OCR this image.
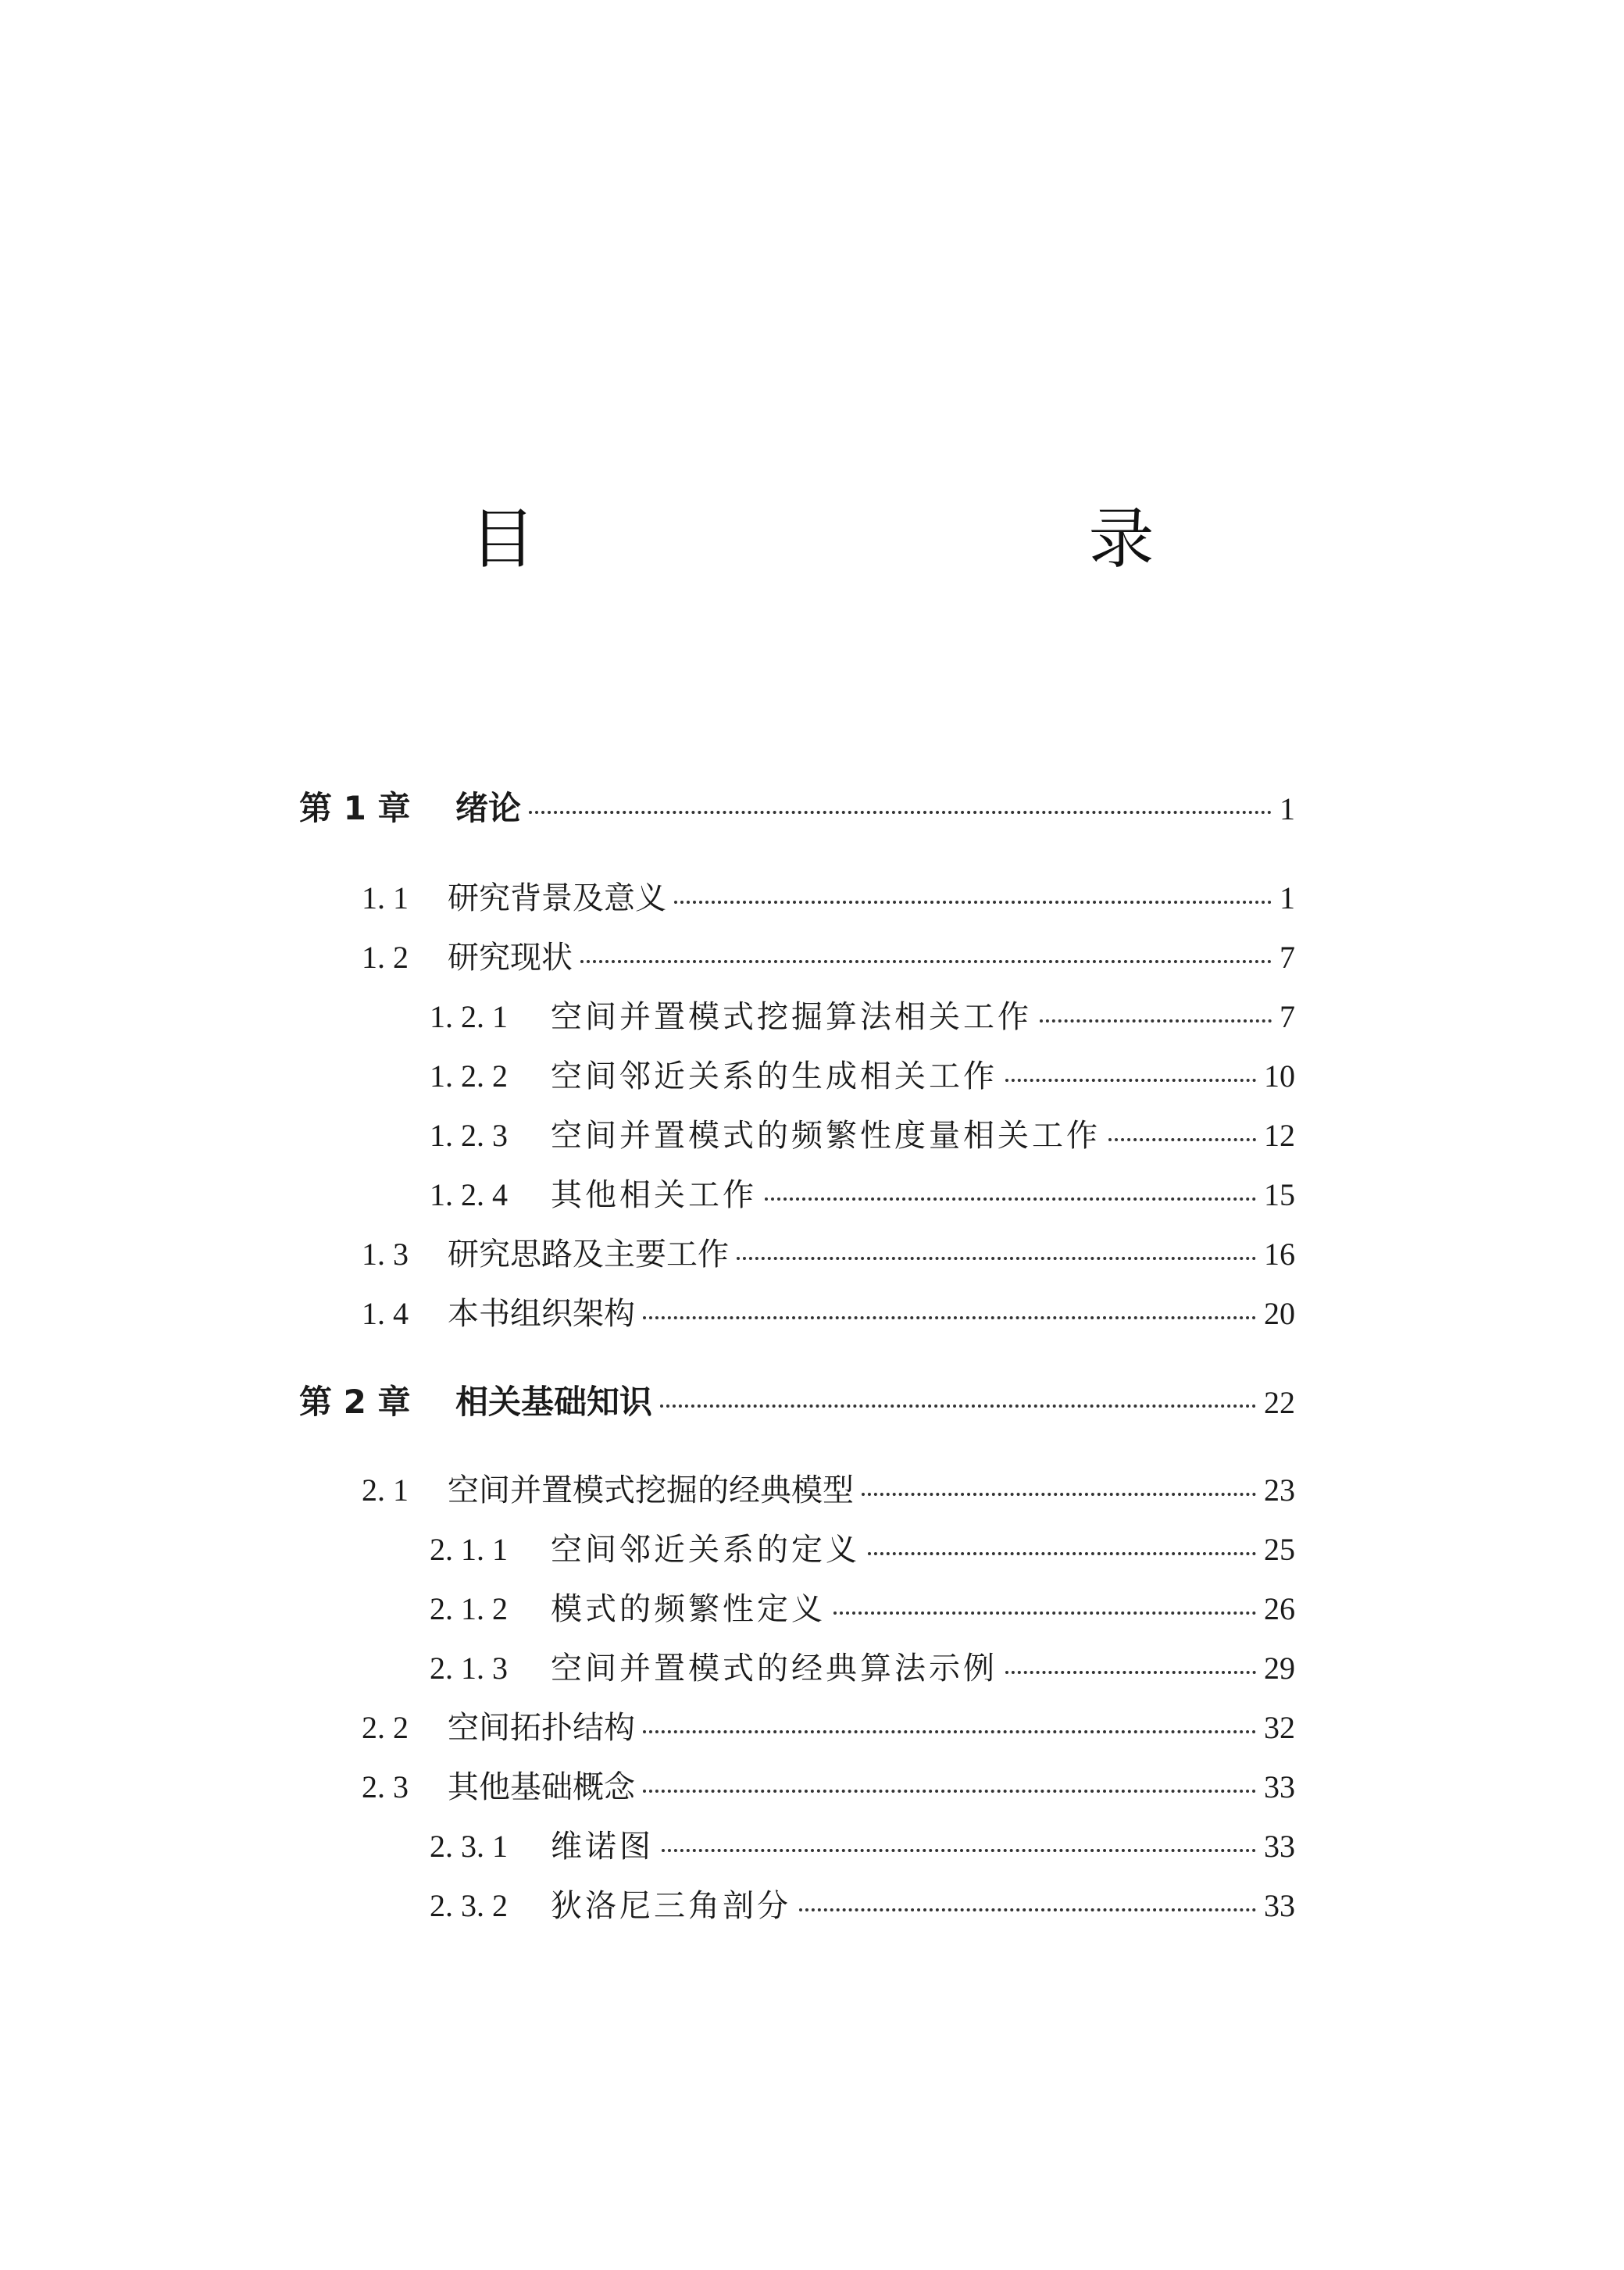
目　　录
第 1 章	绪论	1
1. 1	研究背景及意义	1
1. 2	研究现状	7
1. 2. 1	空间并置模式挖掘算法相关工作	7
1. 2. 2	空间邻近关系的生成相关工作	10
1. 2. 3	空间并置模式的频繁性度量相关工作	12
1. 2. 4	其他相关工作	15
1. 3	研究思路及主要工作	16
1. 4	本书组织架构	20
第 2 章	相关基础知识	22
2. 1	空间并置模式挖掘的经典模型	23
2. 1. 1	空间邻近关系的定义	25
2. 1. 2	模式的频繁性定义	26
2. 1. 3	空间并置模式的经典算法示例	29
2. 2	空间拓扑结构	32
2. 3	其他基础概念	33
2. 3. 1	维诺图	33
2. 3. 2	狄洛尼三角剖分	33
